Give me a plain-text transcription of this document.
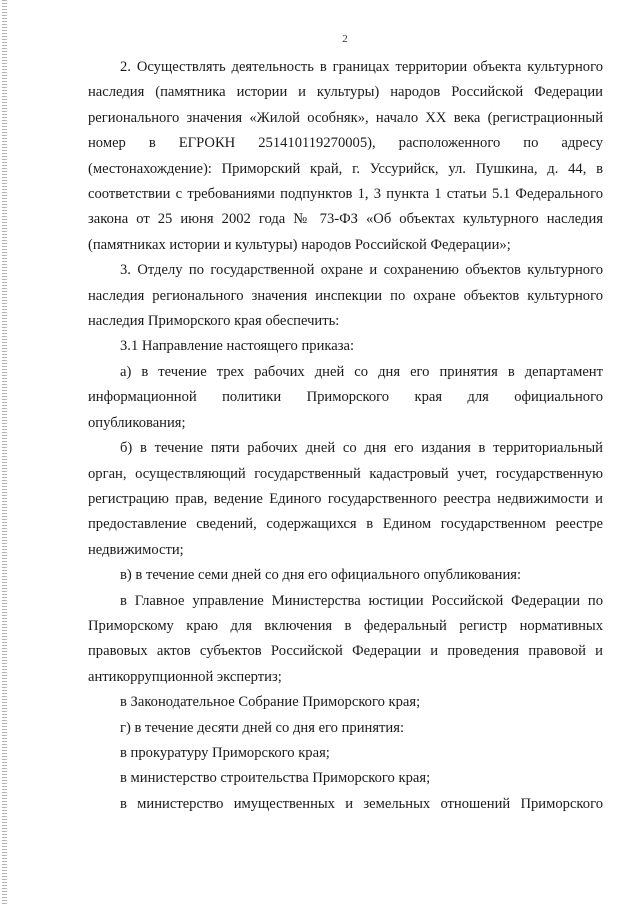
2

2. Осуществлять деятельность в границах территории объекта культурного

наследия (памятника истории и культуры) народов Российской Федерации

регионального значения «Жилой особняк», начало XX века (регистрационный

номер в ЕГРОКН 251410119270005), расположенного по адресу

(местонахождение): Приморский край, г. Уссурийск, ул. Пушкина, д. 44, в

соответствии с требованиями подпунктов 1, 3 пункта 1 статьи 5.1 Федерального

закона от 25 июня 2002 года № 73-ФЗ «Об объектах культурного наследия

(памятниках истории и культуры) народов Российской Федерации»;

3. Отделу по государственной охране и сохранению объектов культурного

наследия регионального значения инспекции по охране объектов культурного

наследия Приморского края обеспечить:

3.1 Направление настоящего приказа:

а) в течение трех рабочих дней со дня его принятия в департамент

информационной политики Приморского края для официального

опубликования;

б) в течение пяти рабочих дней со дня его издания в территориальный

орган, осуществляющий государственный кадастровый учет, государственную

регистрацию прав, ведение Единого государственного реестра недвижимости и

предоставление сведений, содержащихся в Едином государственном реестре

недвижимости;

в) в течение семи дней со дня его официального опубликования:

в Главное управление Министерства юстиции Российской Федерации по

Приморскому краю для включения в федеральный регистр нормативных

правовых актов субъектов Российской Федерации и проведения правовой и

антикоррупционной экспертиз;

в Законодательное Собрание Приморского края;

г) в течение десяти дней со дня его принятия:

в прокуратуру Приморского края;

в министерство строительства Приморского края;

в министерство имущественных и земельных отношений Приморского
